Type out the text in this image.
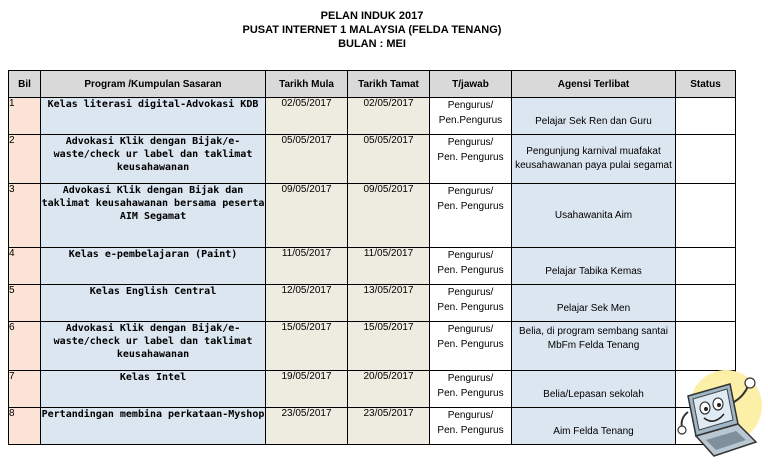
PELAN INDUK 2017
PUSAT INTERNET 1 MALAYSIA (FELDA TENANG)
BULAN : MEI
Bil	Program /Kumpulan Sasaran	Tarikh Mula	Tarikh Tamat	T/jawab	Agensi Terlibat	Status
1	Kelas literasi digital-Advokasi KDB	02/05/2017	02/05/2017	Pengurus/
Pen.Pengurus	Pelajar Sek Ren dan Guru	

2	Advokasi Klik dengan Bijak/e-waste/check ur label dan taklimat keusahawanan	05/05/2017	05/05/2017	Pengurus/
Pen. Pengurus	Pengunjung karnival muafakat keusahawanan paya pulai segamat	

3	Advokasi Klik dengan Bijak dan taklimat keusahawanan bersama peserta AIM Segamat	09/05/2017	09/05/2017	Pengurus/
Pen. Pengurus	Usahawanita Aim	

4	Kelas e-pembelajaran (Paint)	11/05/2017	11/05/2017	Pengurus/
Pen. Pengurus	Pelajar Tabika Kemas	

5	Kelas English Central	12/05/2017	13/05/2017	Pengurus/
Pen. Pengurus	Pelajar Sek Men	

6	Advokasi Klik dengan Bijak/e-waste/check ur label dan taklimat keusahawanan	15/05/2017	15/05/2017	Pengurus/
Pen. Pengurus	Belia, di program sembang santai MbFm Felda Tenang	

7	Kelas Intel	19/05/2017	20/05/2017	Pengurus/
Pen. Pengurus	Belia/Lepasan sekolah	

8	Pertandingan membina perkataan-Myshop	23/05/2017	23/05/2017	Pengurus/
Pen. Pengurus	Aim Felda Tenang	
